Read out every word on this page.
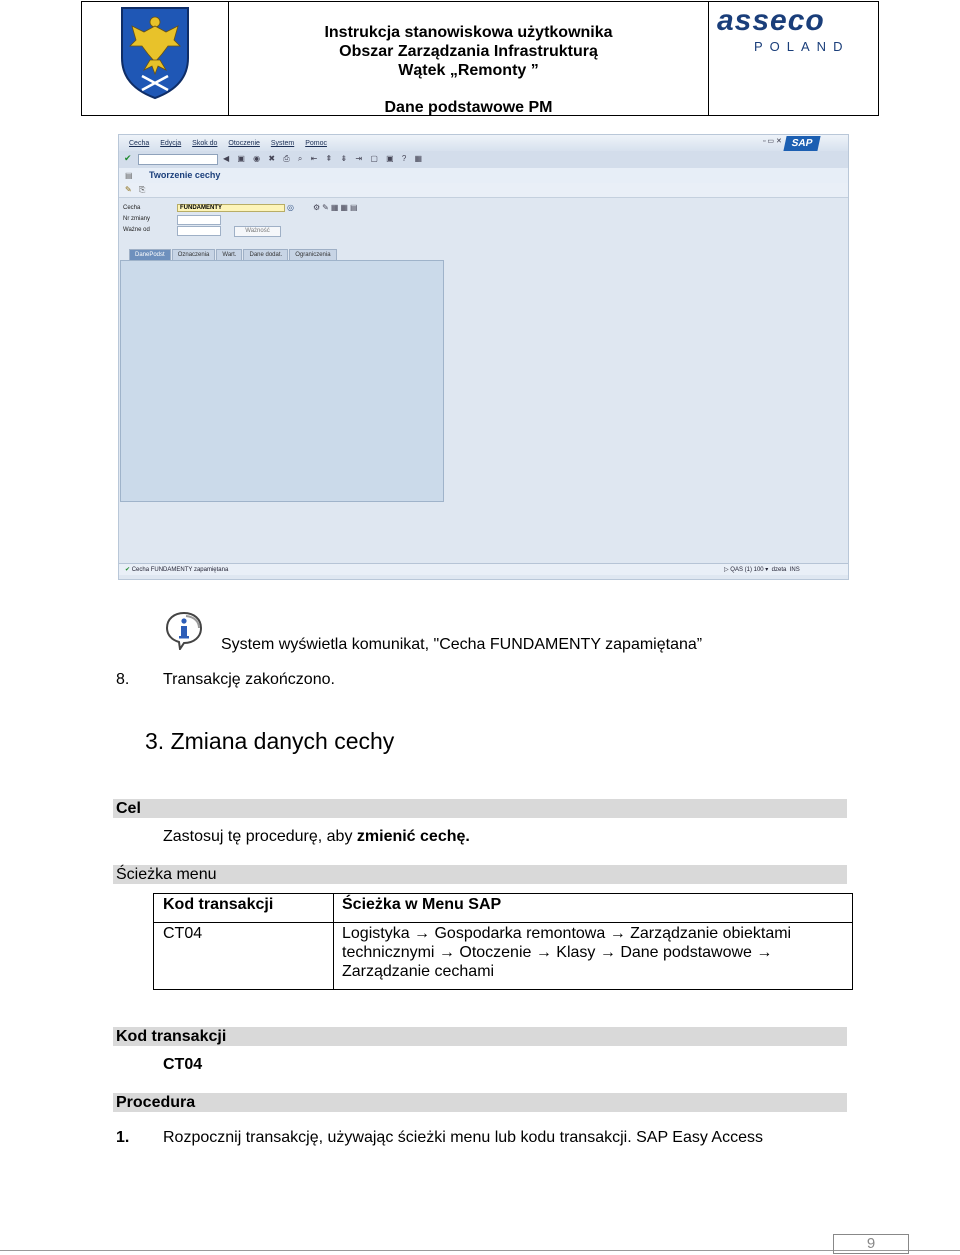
Instrukcja stanowiskowa użytkownika
Obszar Zarządzania Infrastrukturą
Wątek „Remonty ”
Dane podstawowe PM
asseco
POLAND
Cecha Edycja Skok do Otoczenie System Pomoc	▫ ▭ ✕ SAP
✔	◀ ▣ ◉ ✖ ⎙ ⌕ ⇤ ⇞ ⇟ ⇥ ▢ ▣ ? ▦
▤ Tworzenie cechy
✎ ⎘
Cecha	FUNDAMENTY	◎ ⚙✎▦▦▤
Nr zmiany
Ważne od	Ważność
DanePodst Oznaczenia Wart. Dane dodat. Ograniczenia
✔ Cecha FUNDAMENTY zapamiętana	▷ QAS (1) 100 ▾  dzeta INS
System wyświetla komunikat, "Cecha FUNDAMENTY zapamiętana”
8. Transakcję zakończono.
3. Zmiana danych cechy
Cel
Zastosuj tę procedurę, aby zmienić cechę.
Ścieżka menu
Kod transakcji	Ścieżka w Menu SAP
CT04	Logistyka → Gospodarka remontowa → Zarządzanie obiektami
technicznymi → Otoczenie → Klasy → Dane podstawowe →
Zarządzanie cechami
Kod transakcji
CT04
Procedura
1. Rozpocznij transakcję, używając ścieżki menu lub kodu transakcji. SAP Easy Access
9
